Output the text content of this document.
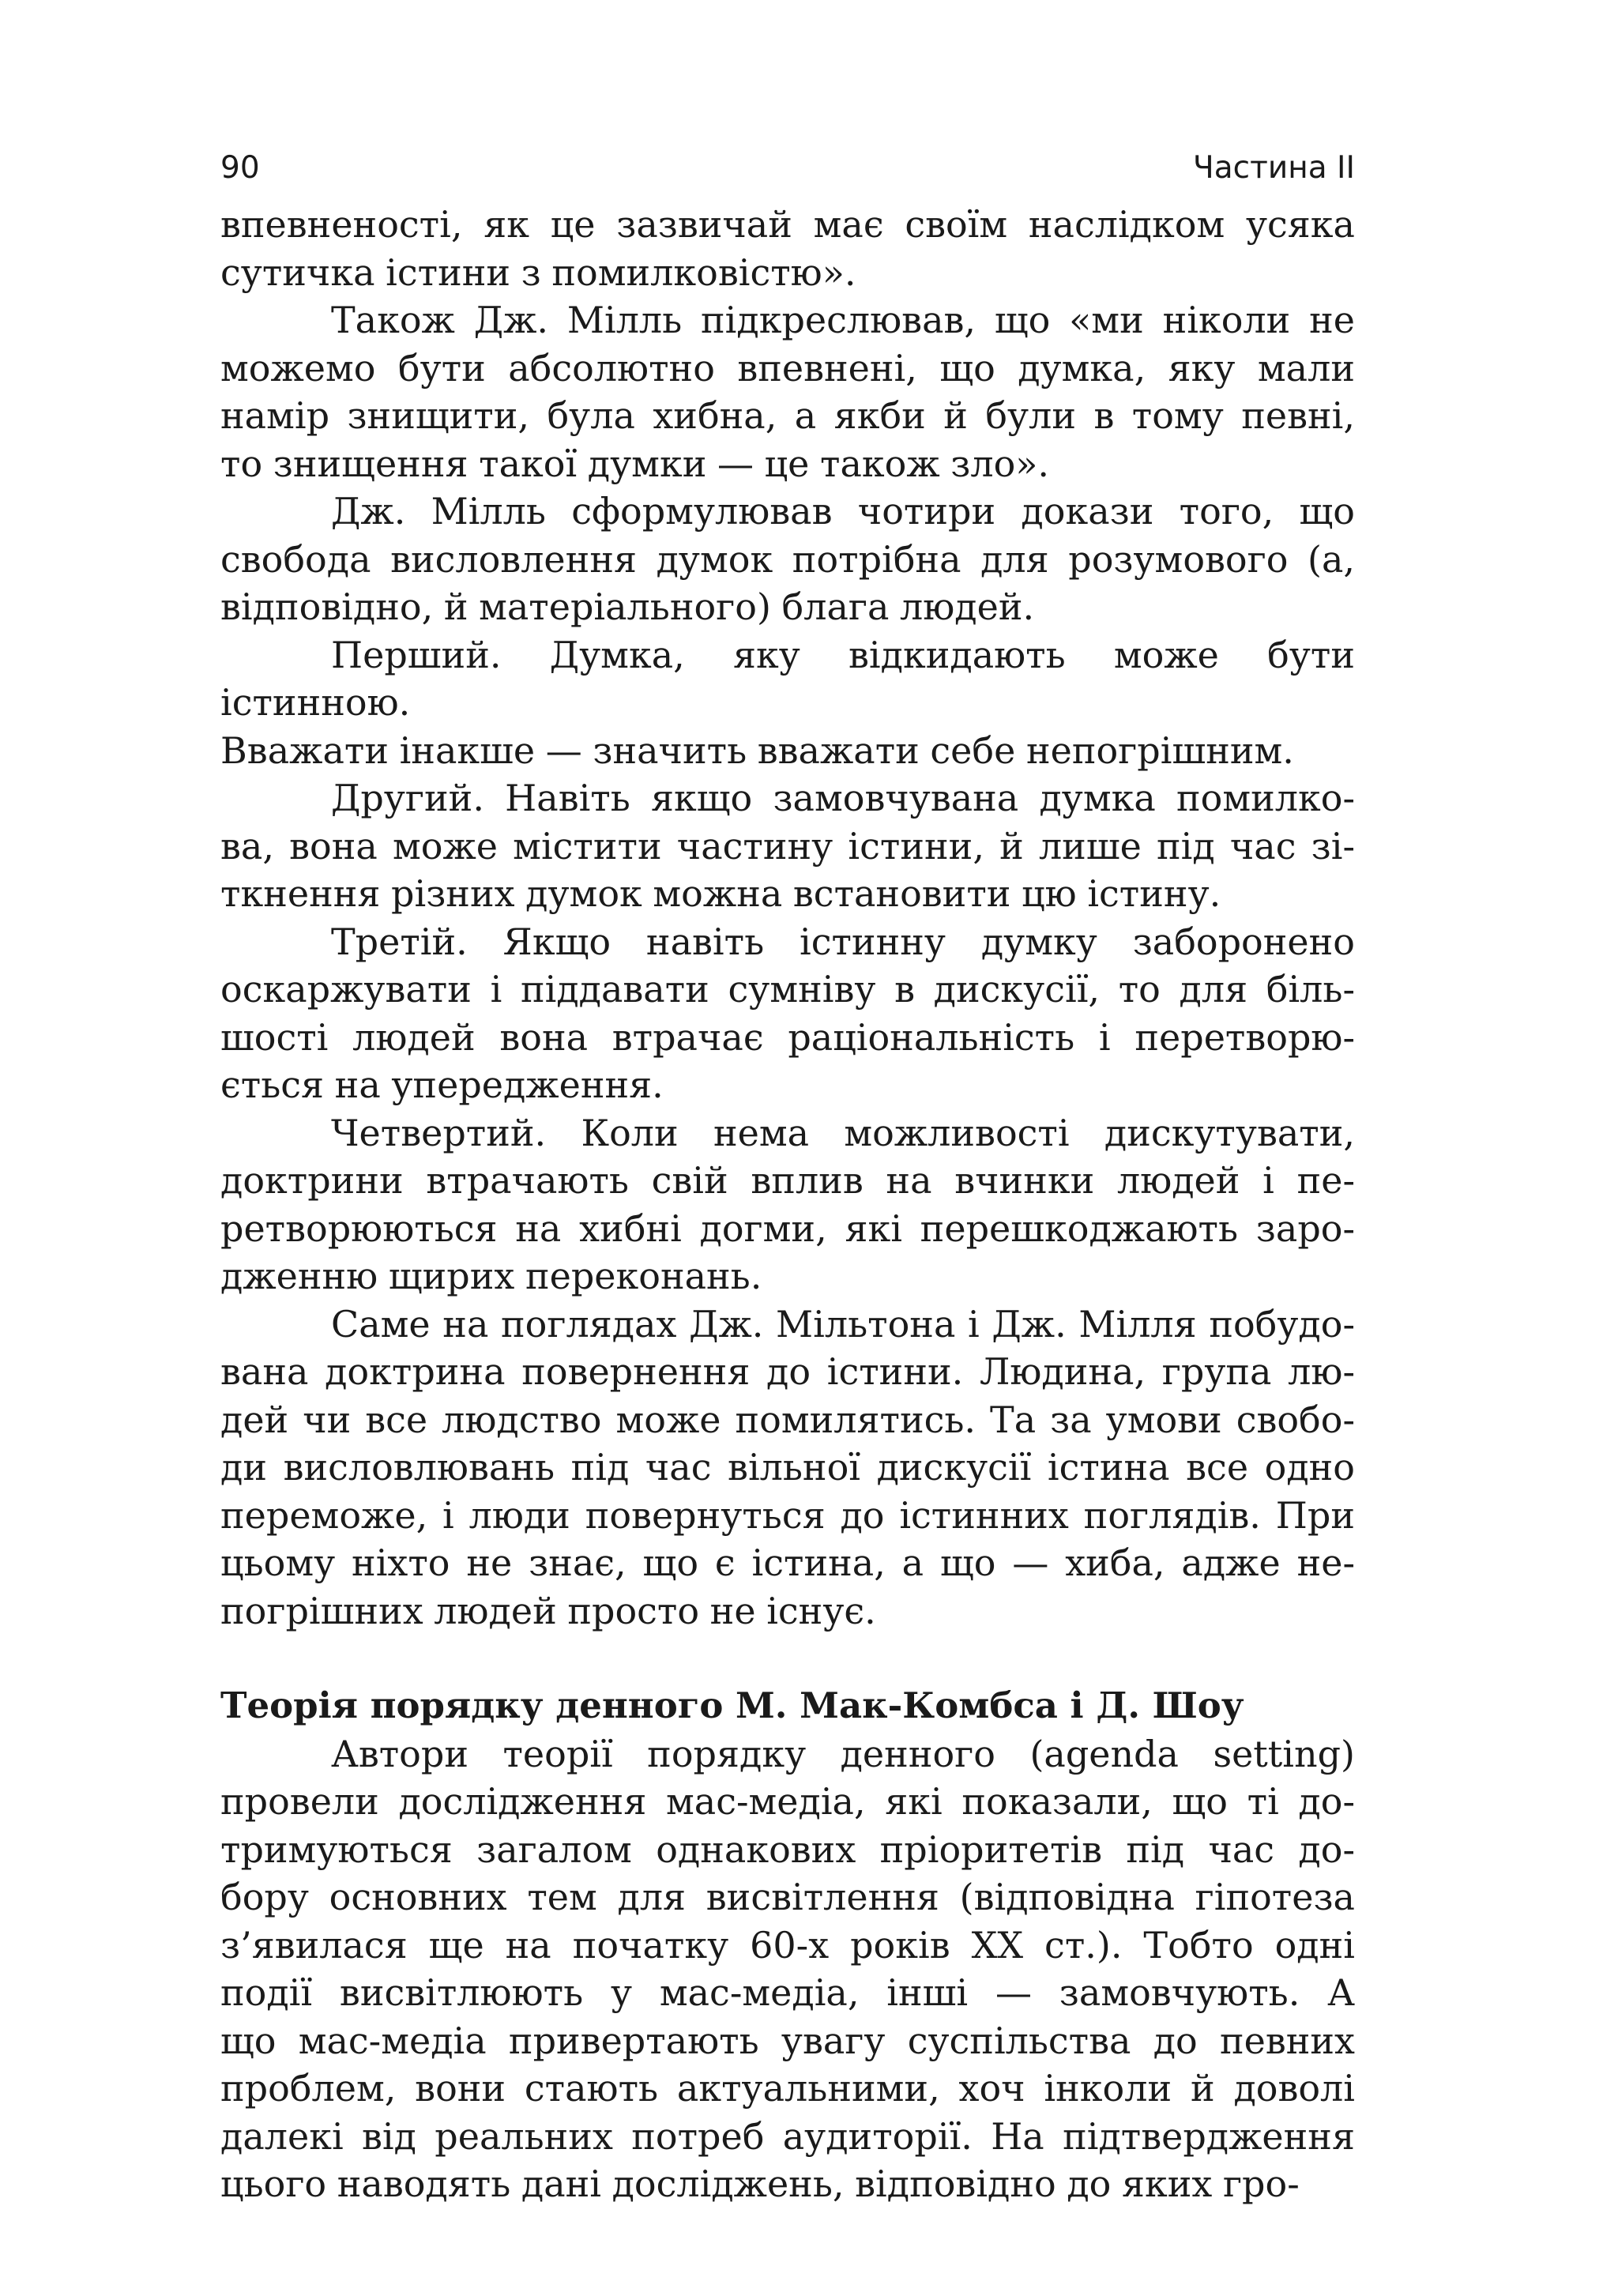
90	Частина II

впевненості, як це зазвичай має своїм наслідком усяка

сутичка істини з помилковістю».

Також Дж. Мілль підкреслював, що «ми ніколи не

можемо бути абсолютно впевнені, що думка, яку мали

намір знищити, була хибна, а якби й були в тому певні,

то знищення такої думки — це також зло».

Дж. Мілль сформулював чотири докази того, що

свобода висловлення думок потрібна для розумового (а,

відповідно, й матеріального) блага людей.

Перший. Думка, яку відкидають може бути істинною.

Вважати інакше — значить вважати себе непогрішним.

Другий. Навіть якщо замовчувана думка помилко-

ва, вона може містити частину істини, й лише під час зі-

ткнення різних думок можна встановити цю істину.

Третій. Якщо навіть істинну думку заборонено

оскаржувати і піддавати сумніву в дискусії, то для біль-

шості людей вона втрачає раціональність і перетворю-

ється на упередження.

Четвертий. Коли нема можливості дискутувати,

доктрини втрачають свій вплив на вчинки людей і пе-

ретворюються на хибні догми, які перешкоджають заро-

дженню щирих переконань.

Саме на поглядах Дж. Мільтона і Дж. Мілля побудо-

вана доктрина повернення до істини. Людина, група лю-

дей чи все людство може помилятись. Та за умови свобо-

ди висловлювань під час вільної дискусії істина все одно

переможе, і люди повернуться до істинних поглядів. При

цьому ніхто не знає, що є істина, а що — хиба, адже не-

погрішних людей просто не існує.

Теорія порядку денного М. Мак-Комбса і Д. Шоу

Автори теорії порядку денного (agenda setting)

провели дослідження мас-медіа, які показали, що ті до-

тримуються загалом однакових пріоритетів під час до-

бору основних тем для висвітлення (відповідна гіпотеза

з’явилася ще на початку 60-х років XX ст.). Тобто одні

події висвітлюють у мас-медіа, інші — замовчують. А

що мас-медіа привертають увагу суспільства до певних

проблем, вони стають актуальними, хоч інколи й доволі

далекі від реальних потреб аудиторії. На підтвердження

цього наводять дані досліджень, відповідно до яких гро-
